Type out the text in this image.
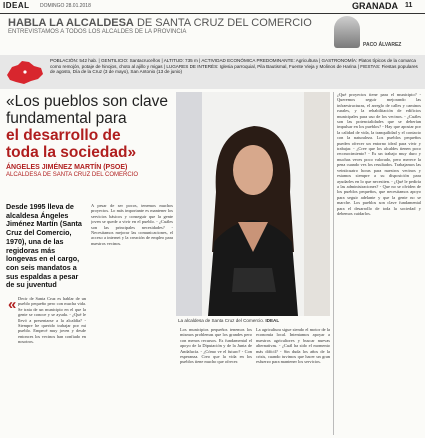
IDEAL DOMINGO 28.01.2018	GRANADA 11
HABLA LA ALCALDESA DE SANTA CRUZ DEL COMERCIO
ENTREVISTAMOS A TODOS LOS ALCALDES DE LA PROVINCIA
PACO ÁLVAREZ
POBLACIÓN: 542 hab. | GENTILICIO: Santacruceños | ALTITUD: 735 m | ACTIVIDAD ECONÓMICA PREDOMINANTE: Agricultura | GASTRONOMÍA: Platos típicos de la comarca como remojón, potaje de hinojos, choto al ajillo y migas | LUGARES DE INTERÉS: Iglesia parroquial, Pila Bautismal, Fuente Vieja y Molinos de Harina | FIESTAS: Fiestas populares de agosto, Día de la Cruz (3 de mayo), San Antonio (13 de junio)
«Los pueblos son clave
fundamental para
el desarrollo de
toda la sociedad»
ÁNGELES JIMÉNEZ MARTÍN (PSOE)
ALCALDESA DE SANTA CRUZ DEL COMERCIO
Desde 1995 lleva de alcaldesa Ángeles Jiménez Martín (Santa Cruz del Comercio, 1970), una de las regidoras más longevas en el cargo, con seis mandatos a sus espaldas a pesar de su juventud
A pesar de ser pocos, tenemos muchos proyectos. Lo más importante es mantener los servicios básicos y conseguir que la gente joven se quede a vivir en el pueblo. - ¿Cuáles son las principales necesidades? - Necesitamos mejorar las comunicaciones, el acceso a internet y la creación de empleo para nuestros vecinos.
« Decir de Santa Cruz es hablar de un pueblo pequeño pero con mucha vida. Se trata de un municipio en el que la gente se conoce y se ayuda. - ¿Qué le llevó a presentarse a la alcaldía? - Siempre he querido trabajar por mi pueblo. Empecé muy joven y desde entonces los vecinos han confiado en nosotros.
La alcaldesa de Santa Cruz del Comercio. IDEAL
Los municipios pequeños tenemos los mismos problemas que los grandes pero con menos recursos. Es fundamental el apoyo de la Diputación y de la Junta de Andalucía. - ¿Cómo ve el futuro? - Con esperanza. Creo que la vida en los pueblos tiene mucho que ofrecer.
La agricultura sigue siendo el motor de la economía local. Intentamos apoyar a nuestros agricultores y buscar nuevas alternativas. - ¿Cuál ha sido el momento más difícil? - Sin duda los años de la crisis, cuando tuvimos que hacer un gran esfuerzo para mantener los servicios.
¿Qué proyectos tiene para el municipio? - Queremos seguir mejorando las infraestructuras, el arreglo de calles y caminos rurales, y la rehabilitación de edificios municipales para uso de los vecinos. - ¿Cuáles son las potencialidades que se deberían impulsar en los pueblos? - Hay que apostar por la calidad de vida, la tranquilidad y el contacto con la naturaleza. Los pueblos pequeños pueden ofrecer un entorno ideal para vivir y trabajar. - ¿Cree que los alcaldes tienen poco reconocimiento? - Es un trabajo muy duro y muchas veces poco valorado, pero merece la pena cuando ves los resultados. Trabajamos las veinticuatro horas para nuestros vecinos y estamos siempre a su disposición para ayudarles en lo que necesiten. - ¿Qué le pediría a las administraciones? - Que no se olviden de los pueblos pequeños, que necesitamos apoyo para seguir adelante y que la gente no se marche. Los pueblos son clave fundamental para el desarrollo de toda la sociedad y debemos cuidarlos.
